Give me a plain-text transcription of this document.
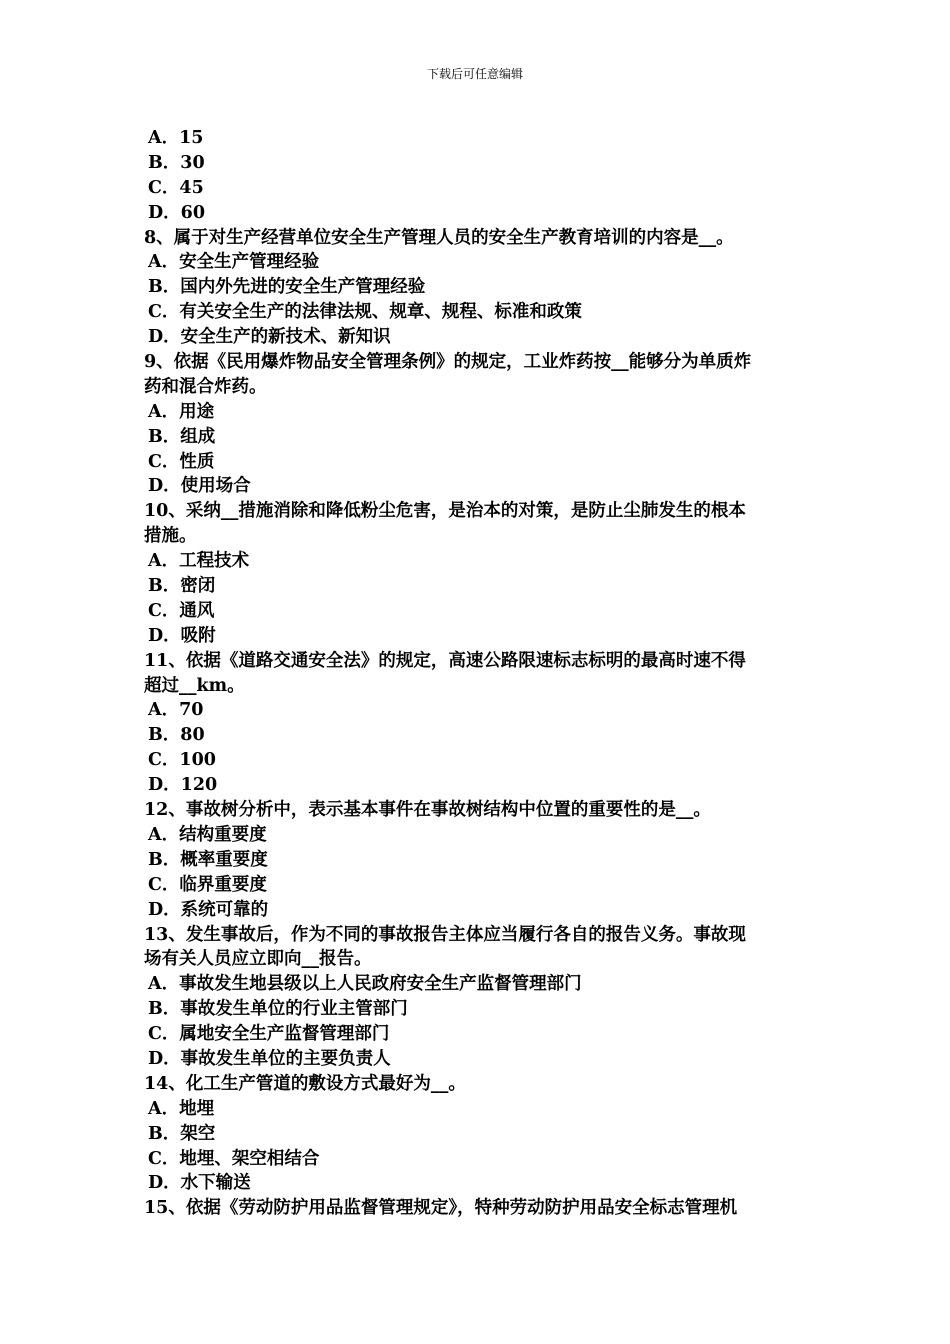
下载后可任意编辑
A．15
B．30
C．45
D．60
8、属于对生产经营单位安全生产管理人员的安全生产教育培训的内容是__。
A．安全生产管理经验
B．国内外先进的安全生产管理经验
C．有关安全生产的法律法规、规章、规程、标准和政策
D．安全生产的新技术、新知识
9、依据《民用爆炸物品安全管理条例》的规定，工业炸药按__能够分为单质炸
药和混合炸药。
A．用途
B．组成
C．性质
D．使用场合
10、采纳__措施消除和降低粉尘危害，是治本的对策，是防止尘肺发生的根本
措施。
A．工程技术
B．密闭
C．通风
D．吸附
11、依据《道路交通安全法》的规定，高速公路限速标志标明的最高时速不得
超过__km。
A．70
B．80
C．100
D．120
12、事故树分析中，表示基本事件在事故树结构中位置的重要性的是__。
A．结构重要度
B．概率重要度
C．临界重要度
D．系统可靠的
13、发生事故后，作为不同的事故报告主体应当履行各自的报告义务。事故现
场有关人员应立即向__报告。
A．事故发生地县级以上人民政府安全生产监督管理部门
B．事故发生单位的行业主管部门
C．属地安全生产监督管理部门
D．事故发生单位的主要负责人
14、化工生产管道的敷设方式最好为__。
A．地埋
B．架空
C．地埋、架空相结合
D．水下输送
15、依据《劳动防护用品监督管理规定》，特种劳动防护用品安全标志管理机
